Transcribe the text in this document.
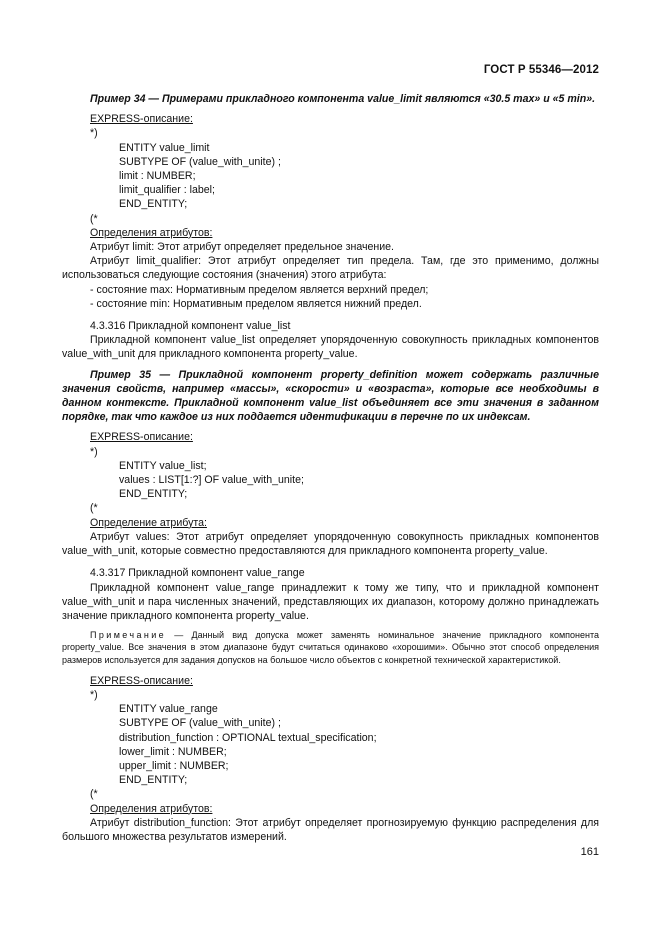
ГОСТ Р 55346—2012

Пример 34 — Примерами прикладного компонента value_limit являются «30.5 max» и «5 min».

EXPRESS-описание:

*)

ENTITY value_limit
SUBTYPE OF (value_with_unite) ;
limit : NUMBER;
limit_qualifier : label;
END_ENTITY;

(*

Определения атрибутов:

Атрибут limit: Этот атрибут определяет предельное значение.

Атрибут limit_qualifier: Этот атрибут определяет тип предела. Там, где это применимо, должны использоваться следующие состояния (значения) этого атрибута:

- состояние max: Нормативным пределом является верхний предел;

- состояние min: Нормативным пределом является нижний предел.

4.3.316 Прикладной компонент value_list

Прикладной компонент value_list определяет упорядоченную совокупность прикладных компонентов value_with_unit для прикладного компонента property_value.

Пример 35 — Прикладной компонент property_definition может содержать различные значения свойств, например «массы», «скорости» и «возраста», которые все необходимы в данном контексте. Прикладной компонент value_list объединяет все эти значения в заданном порядке, так что каждое из них поддается идентификации в перечне по их индексам.

EXPRESS-описание:

*)

ENTITY value_list;
values : LIST[1:?] OF value_with_unite;
END_ENTITY;

(*

Определение атрибута:

Атрибут values: Этот атрибут определяет упорядоченную совокупность прикладных компонентов value_with_unit, которые совместно предоставляются для прикладного компонента property_value.

4.3.317 Прикладной компонент value_range

Прикладной компонент value_range принадлежит к тому же типу, что и прикладной компонент value_with_unit и пара численных значений, представляющих их диапазон, которому должно принадлежать значение прикладного компонента property_value.

Примечание — Данный вид допуска может заменять номинальное значение прикладного компонента property_value. Все значения в этом диапазоне будут считаться одинаково «хорошими». Обычно этот способ определения размеров используется для задания допусков на большое число объектов с конкретной технической характеристикой.

EXPRESS-описание:

*)

ENTITY value_range
SUBTYPE OF (value_with_unite) ;
distribution_function : OPTIONAL textual_specification;
lower_limit : NUMBER;
upper_limit : NUMBER;
END_ENTITY;

(*

Определения атрибутов:

Атрибут distribution_function: Этот атрибут определяет прогнозируемую функцию распределения для большого множества результатов измерений.

161
